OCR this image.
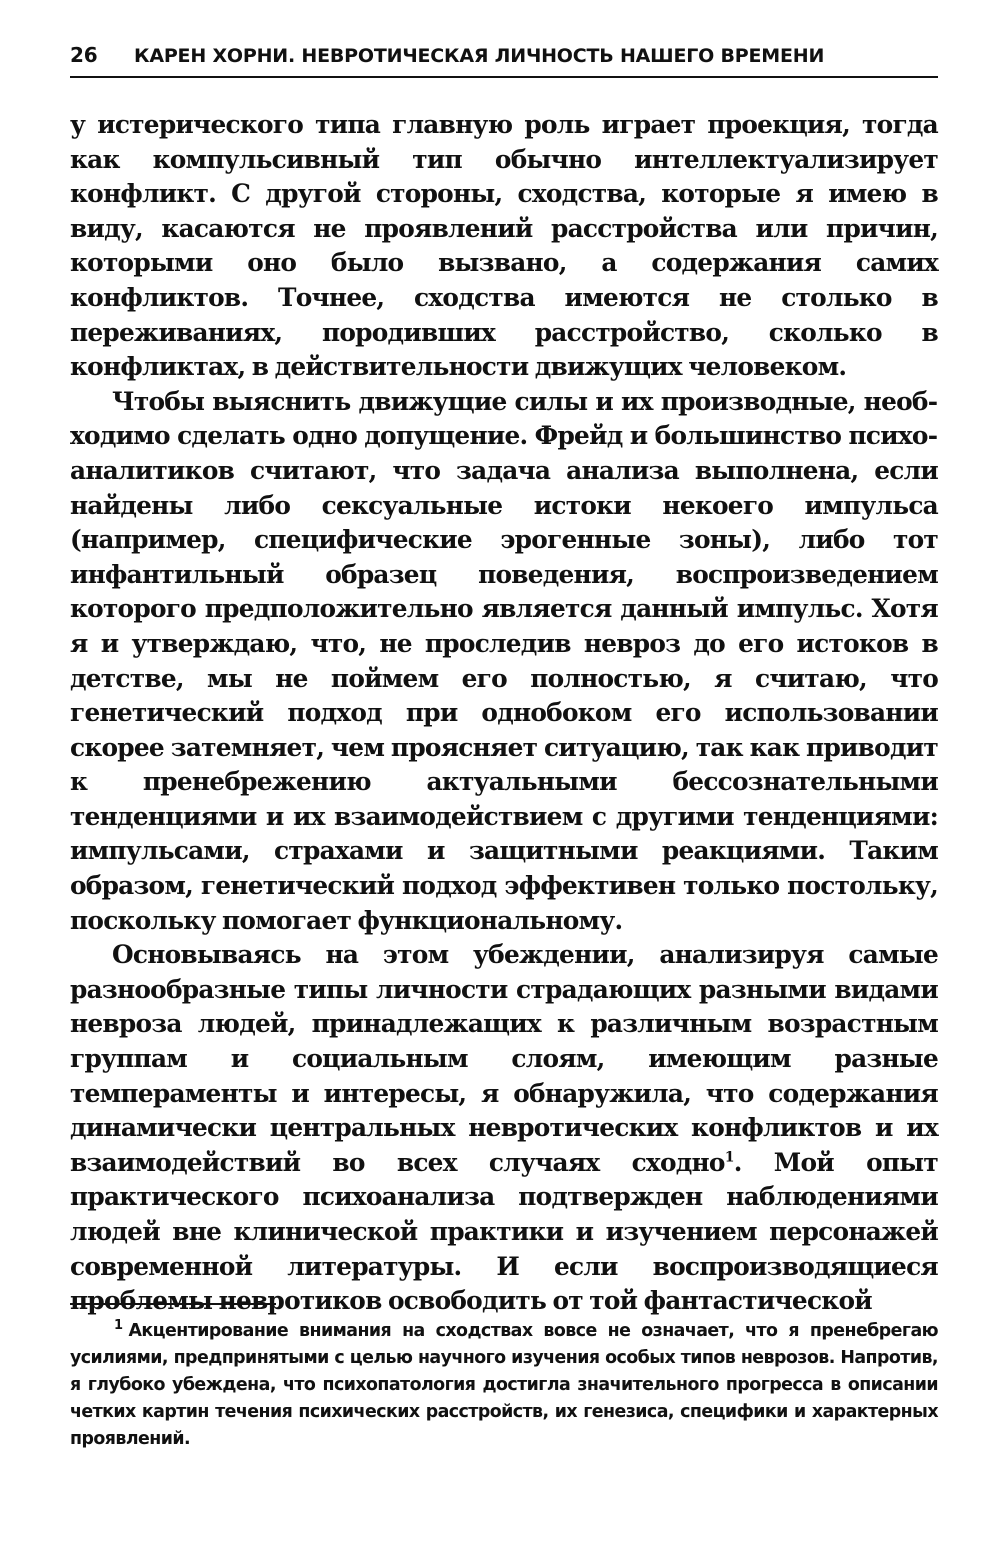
26	КАРЕН ХОРНИ. НЕВРОТИЧЕСКАЯ ЛИЧНОСТЬ НАШЕГО ВРЕМЕНИ

у истерического типа главную роль играет проекция, тогда как компульсивный тип обычно интеллектуализирует конфликт. С другой стороны, сходства, которые я имею в виду, касаются не проявлений расстройства или причин, которыми оно было вызвано, а содержания самих конфликтов. Точнее, сходства имеются не столько в переживаниях, породивших расстройство, сколько в конфликтах, в действительности движущих человеком.

Чтобы выяснить движущие силы и их производные, необходимо сделать одно допущение. Фрейд и большинство психоаналитиков считают, что задача анализа выполнена, если найдены либо сексуальные истоки некоего импульса (например, специфические эрогенные зоны), либо тот инфантильный образец поведения, воспроизведением которого предположительно является данный импульс. Хотя я и утверждаю, что, не проследив невроз до его истоков в детстве, мы не поймем его полностью, я считаю, что генетический подход при однобоком его использовании скорее затемняет, чем проясняет ситуацию, так как приводит к пренебрежению актуальными бессознательными тенденциями и их взаимодействием с другими тенденциями: импульсами, страхами и защитными реакциями. Таким образом, генетический подход эффективен только постольку, поскольку помогает функциональному.

Основываясь на этом убеждении, анализируя самые разнообразные типы личности страдающих разными видами невроза людей, принадлежащих к различным возрастным группам и социальным слоям, имеющим разные темпераменты и интересы, я обнаружила, что содержания динамически центральных невротических конфликтов и их взаимодействий во всех случаях сходно$^1$. Мой опыт практического психоанализа подтвержден наблюдениями людей вне клинической практики и изучением персонажей современной литературы. И если воспроизводящиеся проблемы невротиков освободить от той фантастической

$^1$ Акцентирование внимания на сходствах вовсе не означает, что я пренебрегаю усилиями, предпринятыми с целью научного изучения особых типов неврозов. Напротив, я глубоко убеждена, что психопатология достигла значительного прогресса в описании четких картин течения психических расстройств, их генезиса, специфики и характерных проявлений.
